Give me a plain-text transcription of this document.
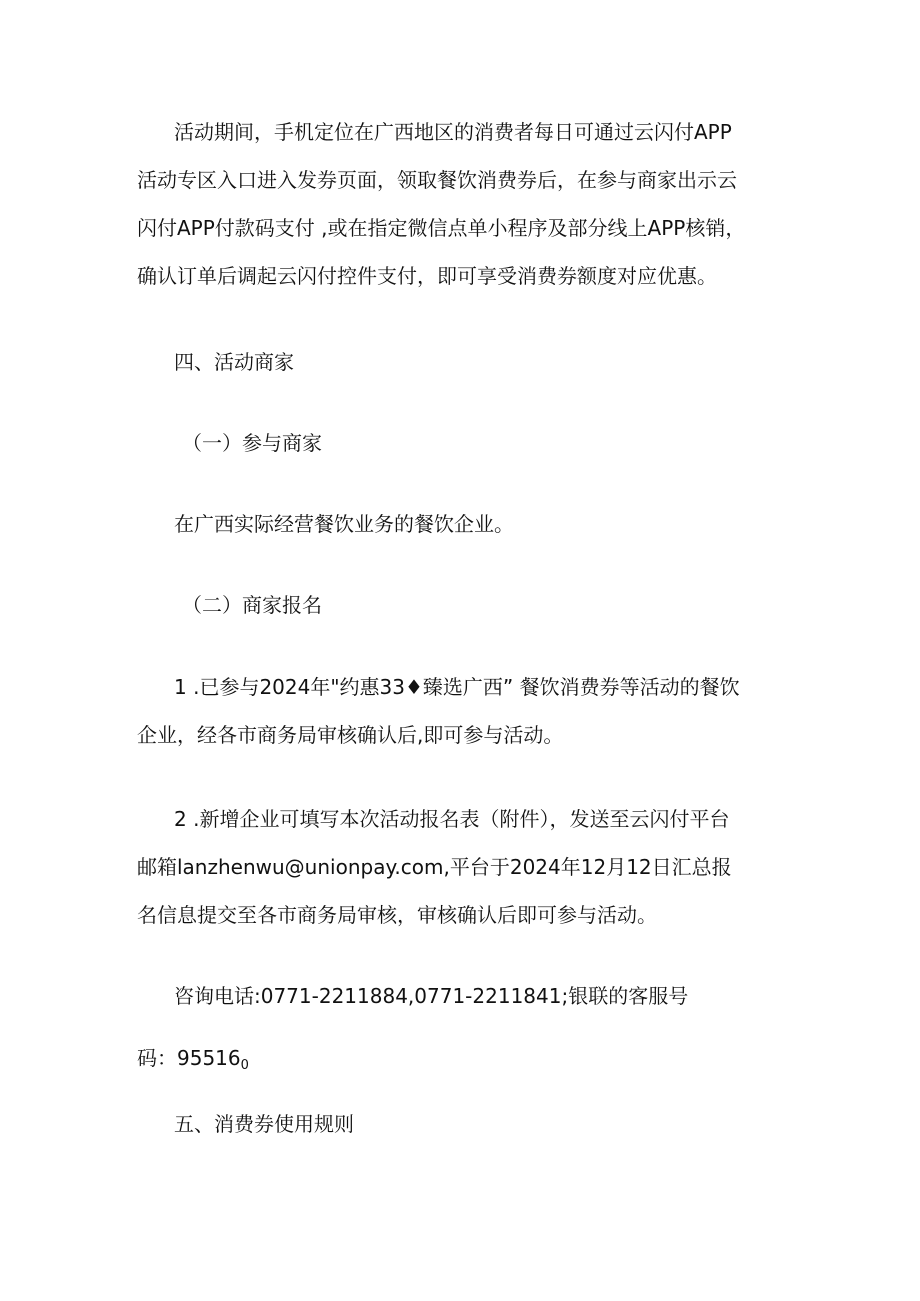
活动期间，手机定位在广西地区的消费者每日可通过云闪付APP
活动专区入口进入发券页面，领取餐饮消费券后，在参与商家出示云
闪付APP付款码支付 ,或在指定微信点单小程序及部分线上APP核销，
确认订单后调起云闪付控件支付，即可享受消费券额度对应优惠。

四、活动商家
（一）参与商家

在广西实际经营餐饮业务的餐饮企业。

（二）商家报名

1 .已参与2024年"约惠33♦臻选广西” 餐饮消费券等活动的餐饮
企业，经各市商务局审核确认后,即可参与活动。

2 .新增企业可填写本次活动报名表（附件），发送至云闪付平台
邮箱lanzhenwu@unionpay.com,平台于2024年12月12日汇总报
名信息提交至各市商务局审核，审核确认后即可参与活动。

咨询电话:0771-2211884,0771-2211841;银联的客服号
码：$95516_0$

五、消费券使用规则
